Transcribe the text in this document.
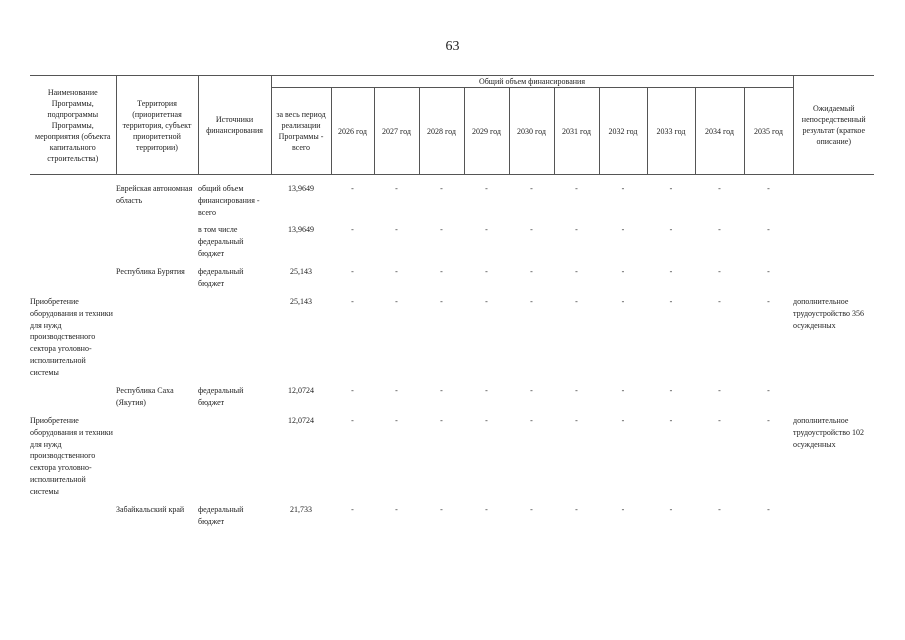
63
Наименование Программы, подпрограммы Программы, мероприятия (объекта капитального строительства)	Территория (приоритетная территория, субъект приоритетной территории)	Источники финансирования	Общий объем финансирования											Ожидаемый непосредственный результат (краткое описание)
			за весь период реализации Программы - всего	2026 год	2027 год	2028 год	2029 год	2030 год	2031 год	2032 год	2033 год	2034 год	2035 год	
	Еврейская автономная область	общий объем финансирования - всего	13,9649	-	-	-	-	-	-	-	-	-	-	
		в том числе федеральный бюджет	13,9649	-	-	-	-	-	-	-	-	-	-	
	Республика Бурятия	федеральный бюджет	25,143	-	-	-	-	-	-	-	-	-	-	
Приобретение оборудования и техники для нужд производственного сектора уголовно-исполнительной системы			25,143	-	-	-	-	-	-	-	-	-	-	дополнительное трудоустройство 356 осужденных
	Республика Саха (Якутия)	федеральный бюджет	12,0724	-	-	-	-	-	-	-	-	-	-	
Приобретение оборудования и техники для нужд производственного сектора уголовно-исполнительной системы			12,0724	-	-	-	-	-	-	-	-	-	-	дополнительное трудоустройство 102 осужденных
	Забайкальский край	федеральный бюджет	21,733	-	-	-	-	-	-	-	-	-	-	
